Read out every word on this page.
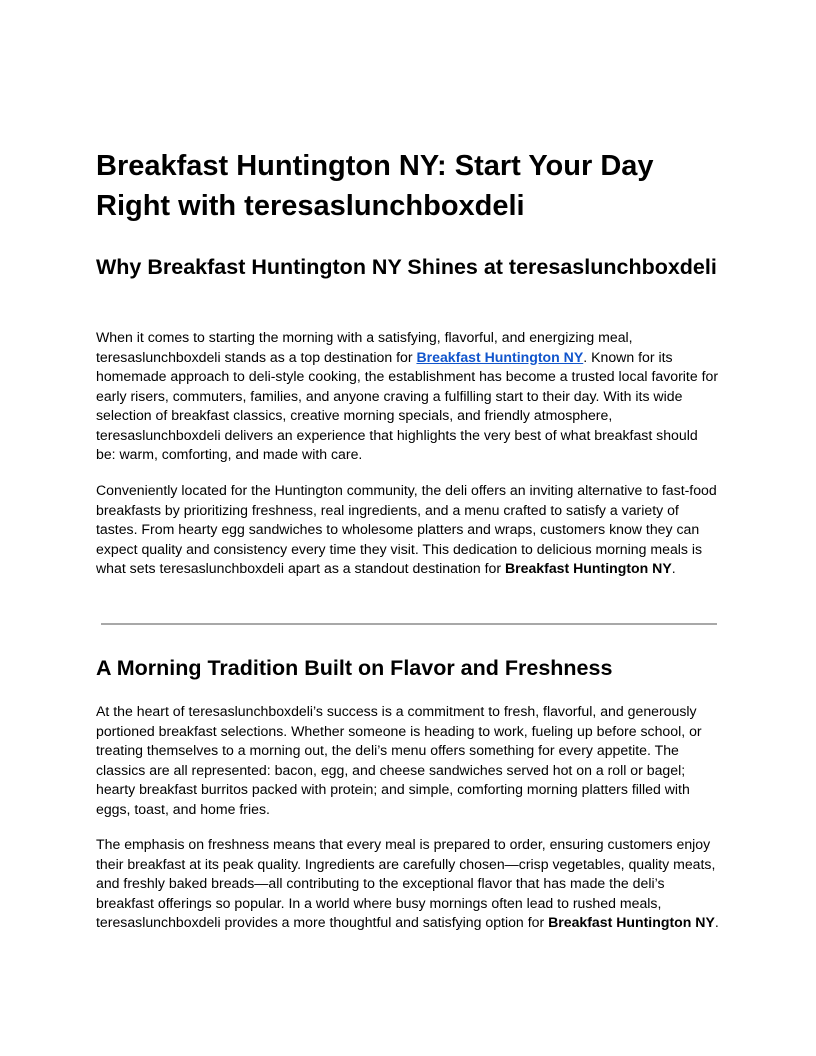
Breakfast Huntington NY: Start Your Day Right with teresaslunchboxdeli
Why Breakfast Huntington NY Shines at teresaslunchboxdeli

When it comes to starting the morning with a satisfying, flavorful, and energizing meal, teresaslunchboxdeli stands as a top destination for Breakfast Huntington NY. Known for its homemade approach to deli-style cooking, the establishment has become a trusted local favorite for early risers, commuters, families, and anyone craving a fulfilling start to their day. With its wide selection of breakfast classics, creative morning specials, and friendly atmosphere, teresaslunchboxdeli delivers an experience that highlights the very best of what breakfast should be: warm, comforting, and made with care.

Conveniently located for the Huntington community, the deli offers an inviting alternative to fast-food breakfasts by prioritizing freshness, real ingredients, and a menu crafted to satisfy a variety of tastes. From hearty egg sandwiches to wholesome platters and wraps, customers know they can expect quality and consistency every time they visit. This dedication to delicious morning meals is what sets teresaslunchboxdeli apart as a standout destination for Breakfast Huntington NY.

A Morning Tradition Built on Flavor and Freshness

At the heart of teresaslunchboxdeli’s success is a commitment to fresh, flavorful, and generously portioned breakfast selections. Whether someone is heading to work, fueling up before school, or treating themselves to a morning out, the deli’s menu offers something for every appetite. The classics are all represented: bacon, egg, and cheese sandwiches served hot on a roll or bagel; hearty breakfast burritos packed with protein; and simple, comforting morning platters filled with eggs, toast, and home fries.

The emphasis on freshness means that every meal is prepared to order, ensuring customers enjoy their breakfast at its peak quality. Ingredients are carefully chosen—crisp vegetables, quality meats, and freshly baked breads—all contributing to the exceptional flavor that has made the deli’s breakfast offerings so popular. In a world where busy mornings often lead to rushed meals, teresaslunchboxdeli provides a more thoughtful and satisfying option for Breakfast Huntington NY.
